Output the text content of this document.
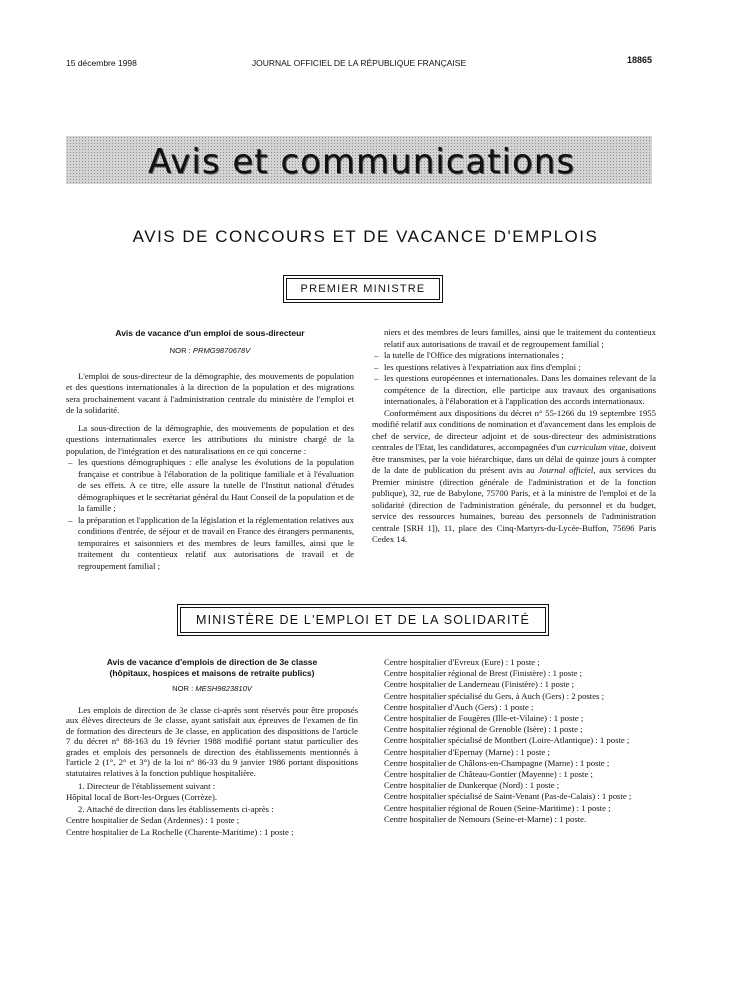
15 décembre 1998	JOURNAL OFFICIEL DE LA RÉPUBLIQUE FRANÇAISE	18865
Avis et communications
AVIS DE CONCOURS ET DE VACANCE D'EMPLOIS
PREMIER MINISTRE
Avis de vacance d'un emploi de sous-directeur
NOR : PRMG9870678V

L'emploi de sous-directeur de la démographie, des mouvements de population et des questions internationales à la direction de la population et des migrations sera prochainement vacant à l'administration centrale du ministère de l'emploi et de la solidarité.

La sous-direction de la démographie, des mouvements de population et des questions internationales exerce les attributions du ministre chargé de la population, de l'intégration et des naturalisations en ce qui concerne :

– les questions démographiques : elle analyse les évolutions de la population française et contribue à l'élaboration de la politique familiale et à l'évaluation de ses effets. A ce titre, elle assure la tutelle de l'Institut national d'études démographiques et le secrétariat général du Haut Conseil de la population et de la famille ;
– la préparation et l'application de la législation et la réglementation relatives aux conditions d'entrée, de séjour et de travail en France des étrangers permanents, temporaires et saisonniers et des membres de leurs familles, ainsi que le traitement du contentieux relatif aux autorisations de travail et de regroupement familial ;

niers et des membres de leurs familles, ainsi que le traitement du contentieux relatif aux autorisations de travail et de regroupement familial ;

– la tutelle de l'Office des migrations internationales ;
– les questions relatives à l'expatriation aux fins d'emploi ;
– les questions européennes et internationales. Dans les domaines relevant de la compétence de la direction, elle participe aux travaux des organisations internationales, à l'élaboration et à l'application des accords internationaux.

Conformément aux dispositions du décret n° 55-1266 du 19 septembre 1955 modifié relatif aux conditions de nomination et d'avancement dans les emplois de chef de service, de directeur adjoint et de sous-directeur des administrations centrales de l'Etat, les candidatures, accompagnées d'un curriculum vitae, doivent être transmises, par la voie hiérarchique, dans un délai de quinze jours à compter de la date de publication du présent avis au Journal officiel, aux services du Premier ministre (direction générale de l'administration et de la fonction publique), 32, rue de Babylone, 75700 Paris, et à la ministre de l'emploi et de la solidarité (direction de l'administration générale, du personnel et du budget, service des ressources humaines, bureau des personnels de l'administration centrale [SRH 1]), 11, place des Cinq-Martyrs-du-Lycée-Buffon, 75696 Paris Cedex 14.

MINISTÈRE DE L'EMPLOI ET DE LA SOLIDARITÉ
Avis de vacance d'emplois de direction de 3e classe
(hôpitaux, hospices et maisons de retraite publics)
NOR : MESH9823810V

Les emplois de direction de 3e classe ci-après sont réservés pour être proposés aux élèves directeurs de 3e classe, ayant satisfait aux épreuves de l'examen de fin de formation des directeurs de 3e classe, en application des dispositions de l'article 7 du décret n° 88-163 du 19 février 1988 modifié portant statut particulier des grades et emplois des personnels de direction des établissements mentionnés à l'article 2 (1°, 2° et 3°) de la loi n° 86-33 du 9 janvier 1986 portant dispositions statutaires relatives à la fonction publique hospitalière.

1. Directeur de l'établissement suivant :

Hôpital local de Bort-les-Orgues (Corrèze).

2. Attaché de direction dans les établissements ci-après :

Centre hospitalier de Sedan (Ardennes) : 1 poste ;

Centre hospitalier de La Rochelle (Charente-Maritime) : 1 poste ;

Centre hospitalier d'Evreux (Eure) : 1 poste ;

Centre hospitalier régional de Brest (Finistère) : 1 poste ;

Centre hospitalier de Landerneau (Finistère) : 1 poste ;

Centre hospitalier spécialisé du Gers, à Auch (Gers) : 2 postes ;

Centre hospitalier d'Auch (Gers) : 1 poste ;

Centre hospitalier de Fougères (Ille-et-Vilaine) : 1 poste ;

Centre hospitalier régional de Grenoble (Isère) : 1 poste ;

Centre hospitalier spécialisé de Montbert (Loire-Atlantique) : 1 poste ;

Centre hospitalier d'Epernay (Marne) : 1 poste ;

Centre hospitalier de Châlons-en-Champagne (Marne) : 1 poste ;

Centre hospitalier de Château-Gontier (Mayenne) : 1 poste ;

Centre hospitalier de Dunkerque (Nord) : 1 poste ;

Centre hospitalier spécialisé de Saint-Venant (Pas-de-Calais) : 1 poste ;

Centre hospitalier régional de Rouen (Seine-Maritime) : 1 poste ;

Centre hospitalier de Nemours (Seine-et-Marne) : 1 poste.
